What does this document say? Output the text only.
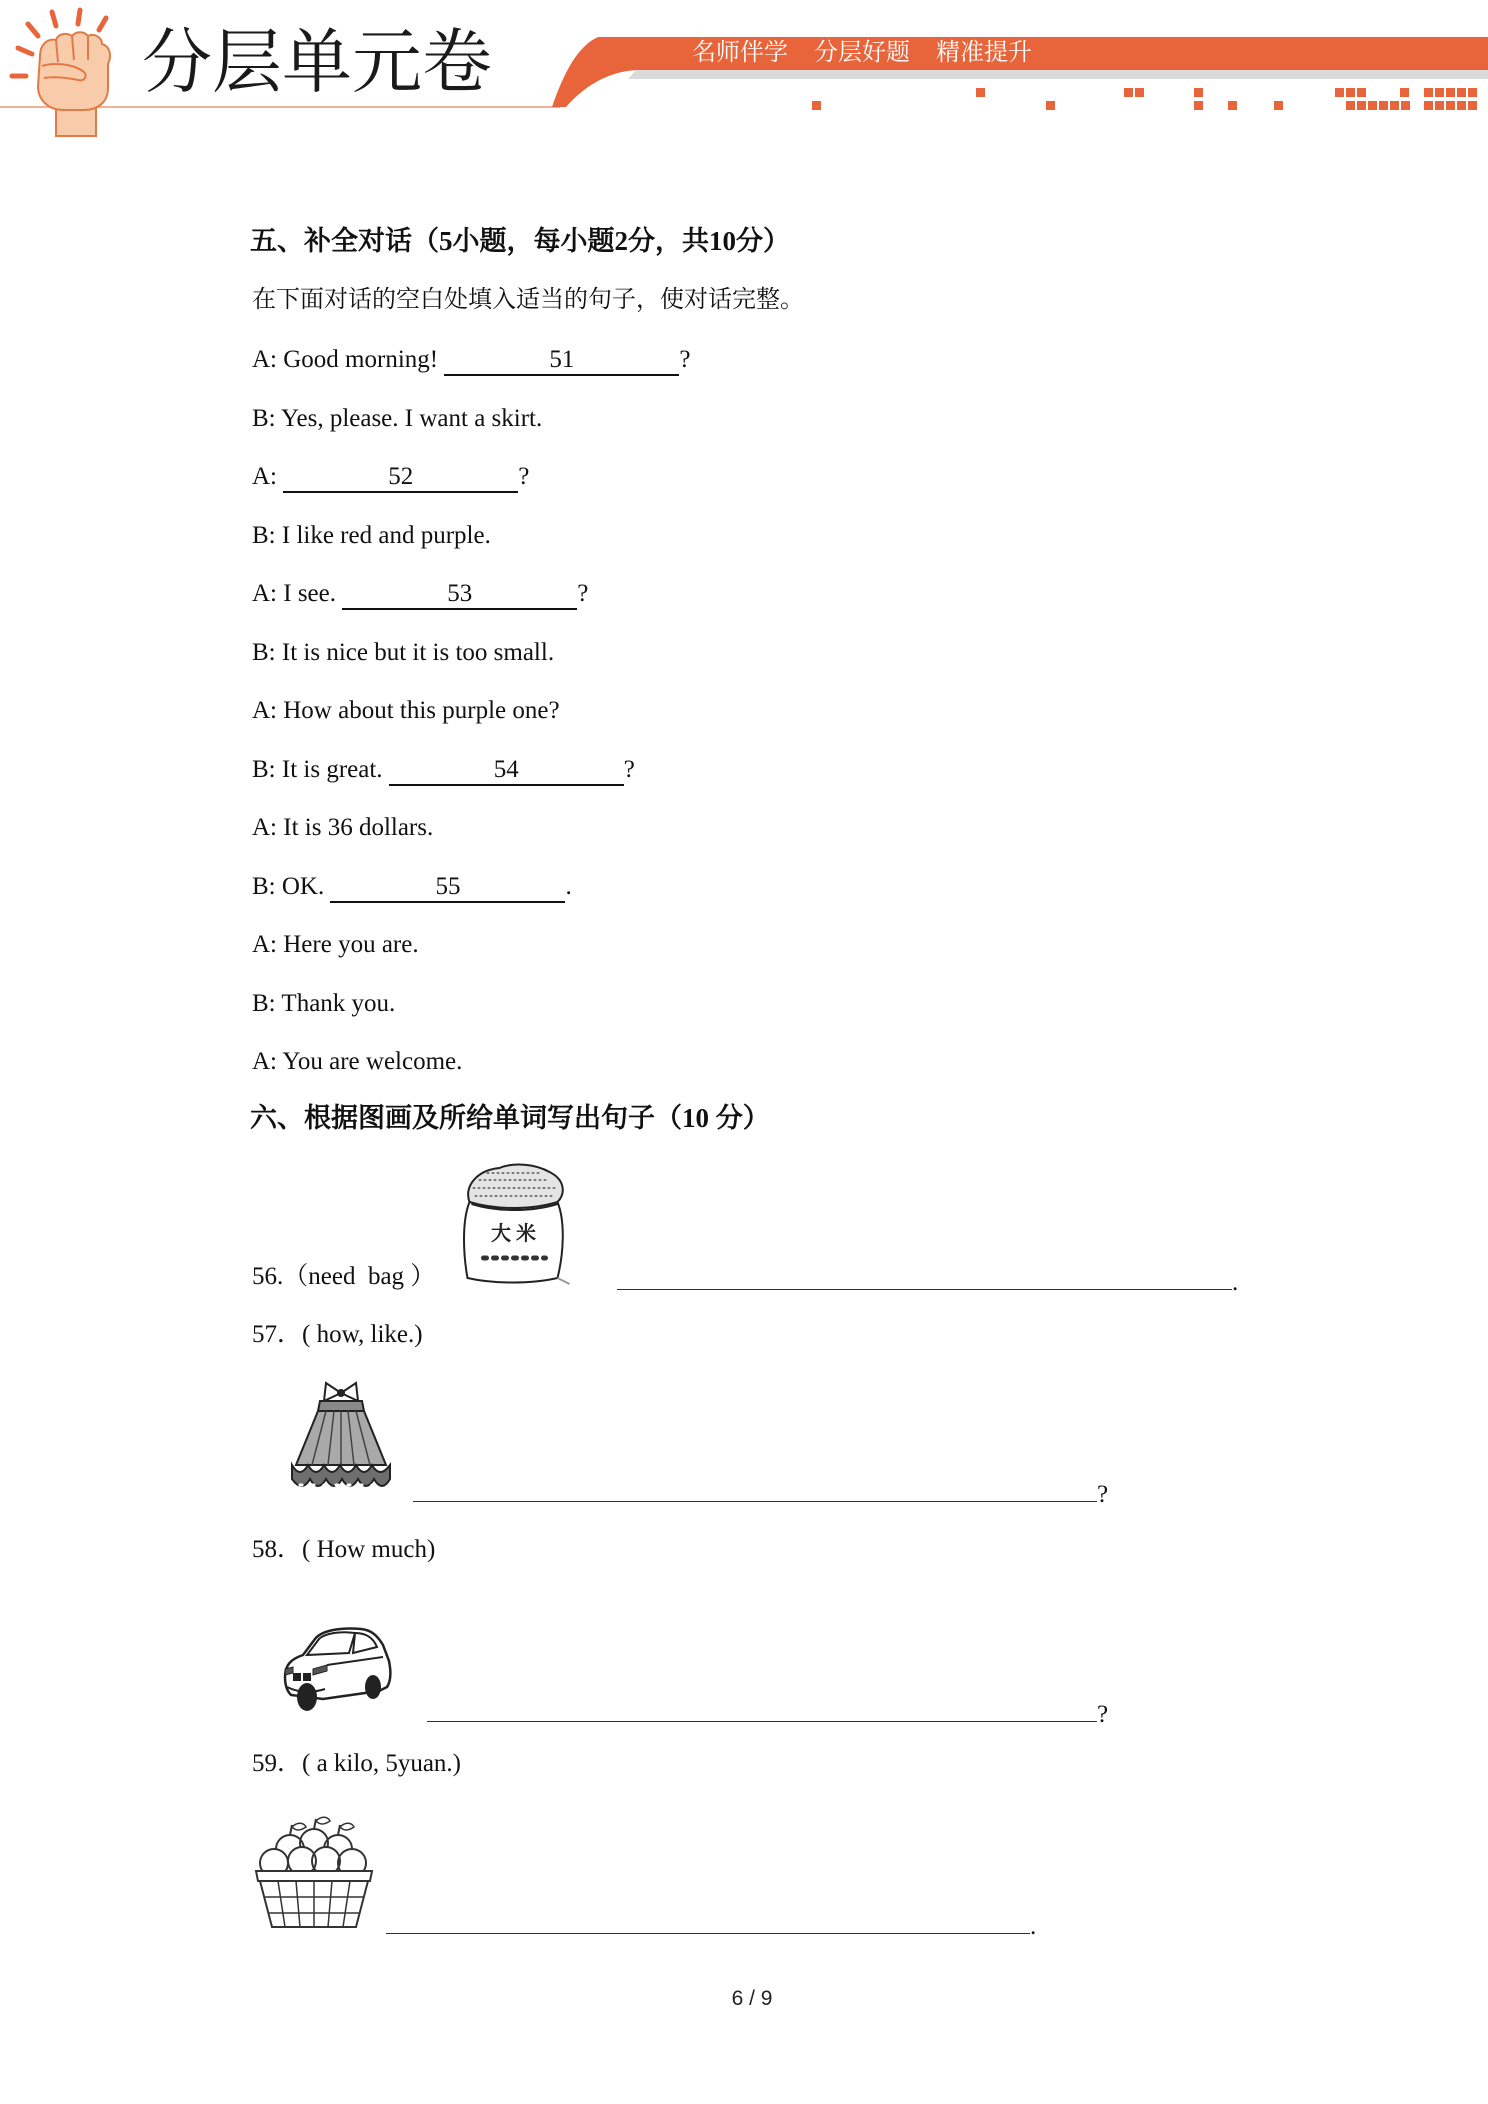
分层单元卷	名师伴学 分层好题 精准提升
五、补全对话（5小题，每小题2分，共10分）
在下面对话的空白处填入适当的句子，使对话完整。

A: Good morning!	51	?

B: Yes, please. I want a skirt.

A:	52	?

B: I like red and purple.

A: I see.	53	?

B: It is nice but it is too small.

A: How about this purple one?

B: It is great.	54	?

A: It is 36 dollars.

B: OK.	55	.

A: Here you are.

B: Thank you.

A: You are welcome.

六、根据图画及所给单词写出句子（10 分）
56.（need  bag ）
大 米
.
57．( how, like.)
?
58．( How much)
?
59．( a kilo, 5yuan.)
.
6 / 9
